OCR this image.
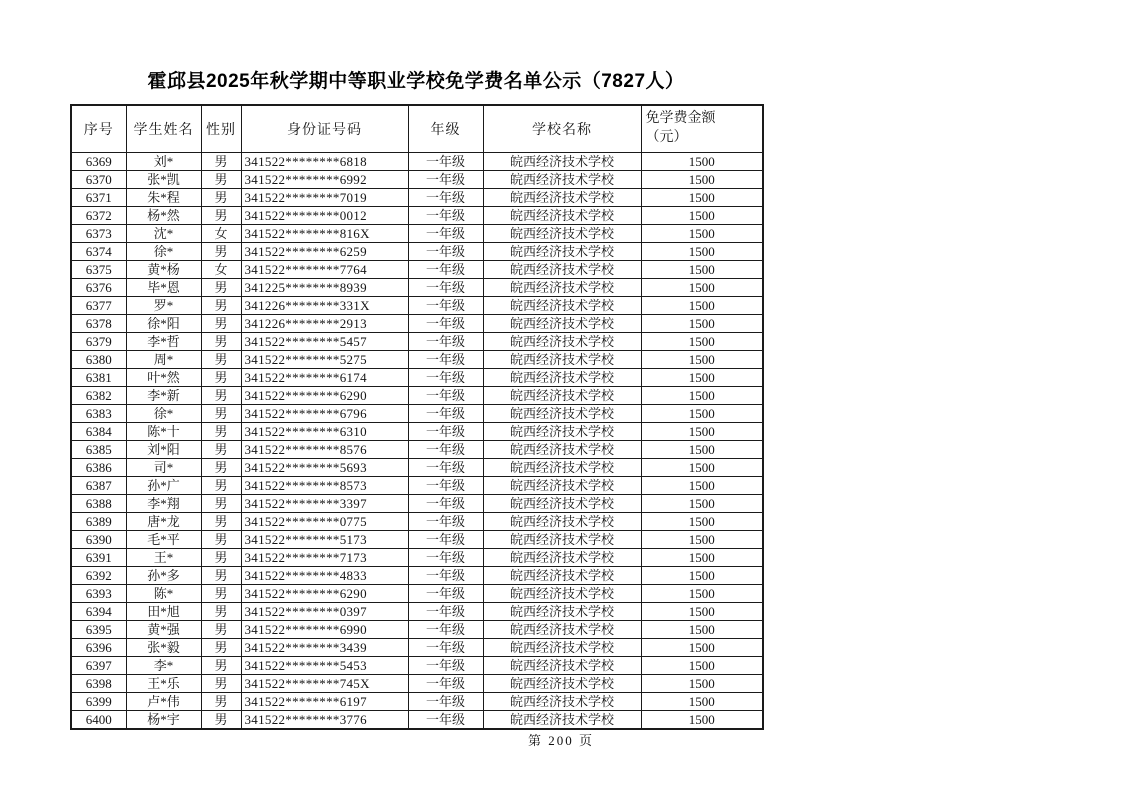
霍邱县2025年秋学期中等职业学校免学费名单公示（7827人）
序号	学生姓名	性别	身份证号码	年级	学校名称	免学费金额
（元）
6369	刘*	男	341522********6818	一年级	皖西经济技术学校	1500
6370	张*凯	男	341522********6992	一年级	皖西经济技术学校	1500
6371	朱*程	男	341522********7019	一年级	皖西经济技术学校	1500
6372	杨*然	男	341522********0012	一年级	皖西经济技术学校	1500
6373	沈*	女	341522********816X	一年级	皖西经济技术学校	1500
6374	徐*	男	341522********6259	一年级	皖西经济技术学校	1500
6375	黄*杨	女	341522********7764	一年级	皖西经济技术学校	1500
6376	毕*恩	男	341225********8939	一年级	皖西经济技术学校	1500
6377	罗*	男	341226********331X	一年级	皖西经济技术学校	1500
6378	徐*阳	男	341226********2913	一年级	皖西经济技术学校	1500
6379	李*哲	男	341522********5457	一年级	皖西经济技术学校	1500
6380	周*	男	341522********5275	一年级	皖西经济技术学校	1500
6381	叶*然	男	341522********6174	一年级	皖西经济技术学校	1500
6382	李*新	男	341522********6290	一年级	皖西经济技术学校	1500
6383	徐*	男	341522********6796	一年级	皖西经济技术学校	1500
6384	陈*十	男	341522********6310	一年级	皖西经济技术学校	1500
6385	刘*阳	男	341522********8576	一年级	皖西经济技术学校	1500
6386	司*	男	341522********5693	一年级	皖西经济技术学校	1500
6387	孙*广	男	341522********8573	一年级	皖西经济技术学校	1500
6388	李*翔	男	341522********3397	一年级	皖西经济技术学校	1500
6389	唐*龙	男	341522********0775	一年级	皖西经济技术学校	1500
6390	毛*平	男	341522********5173	一年级	皖西经济技术学校	1500
6391	王*	男	341522********7173	一年级	皖西经济技术学校	1500
6392	孙*多	男	341522********4833	一年级	皖西经济技术学校	1500
6393	陈*	男	341522********6290	一年级	皖西经济技术学校	1500
6394	田*旭	男	341522********0397	一年级	皖西经济技术学校	1500
6395	黄*强	男	341522********6990	一年级	皖西经济技术学校	1500
6396	张*毅	男	341522********3439	一年级	皖西经济技术学校	1500
6397	李*	男	341522********5453	一年级	皖西经济技术学校	1500
6398	王*乐	男	341522********745X	一年级	皖西经济技术学校	1500
6399	卢*伟	男	341522********6197	一年级	皖西经济技术学校	1500
6400	杨*宇	男	341522********3776	一年级	皖西经济技术学校	1500
第 200 页
